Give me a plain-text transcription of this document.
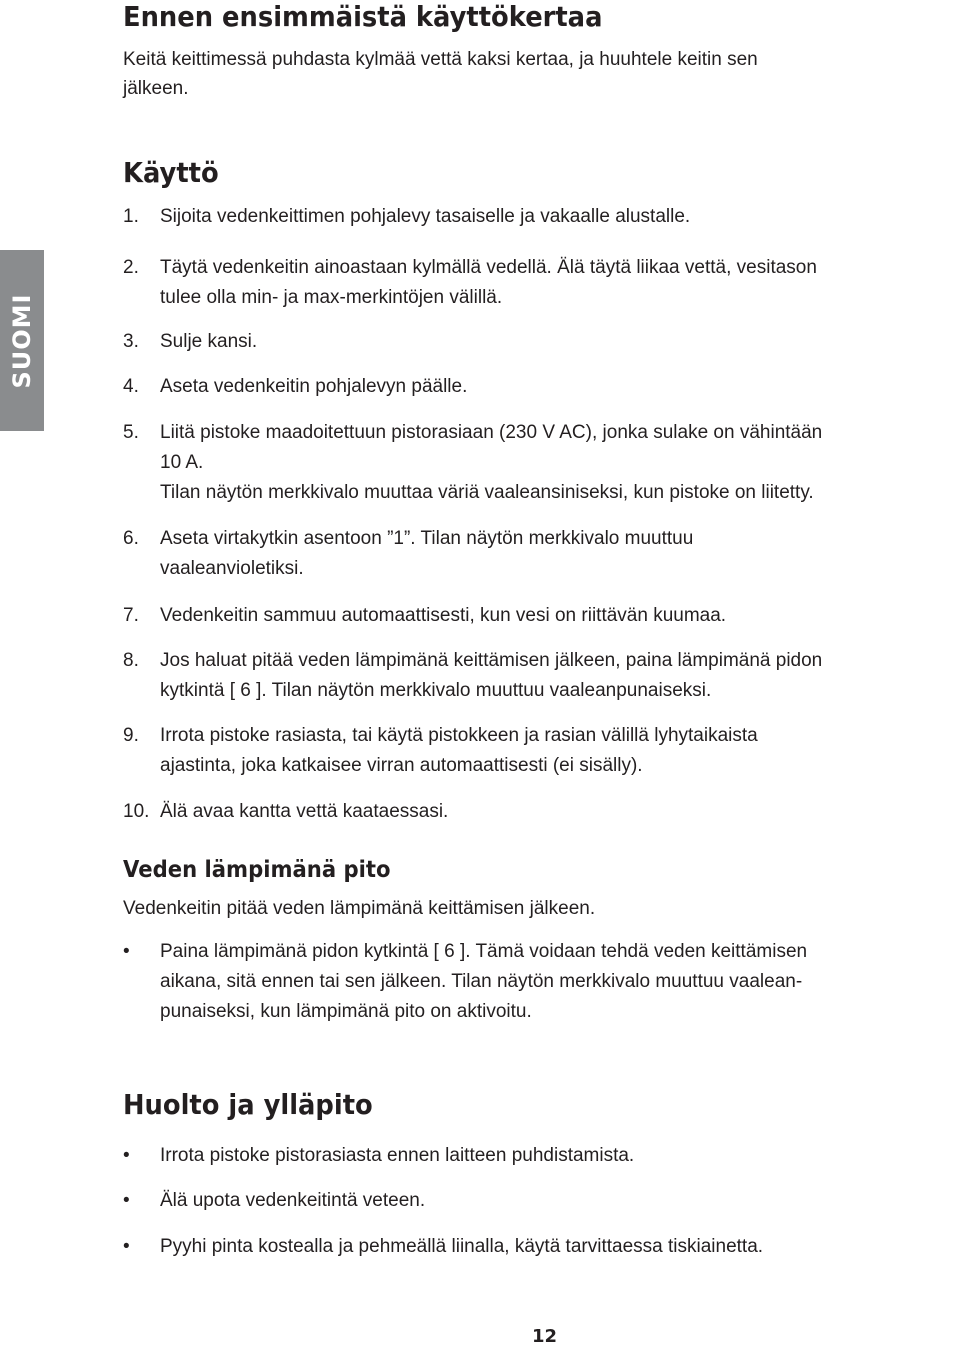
SUOMI
Ennen ensimmäistä käyttökertaa
Keitä keittimessä puhdasta kylmää vettä kaksi kertaa, ja huuhtele keitin sen
jälkeen.
Käyttö
1. Sijoita vedenkeittimen pohjalevy tasaiselle ja vakaalle alustalle.
2. Täytä vedenkeitin ainoastaan kylmällä vedellä. Älä täytä liikaa vettä, vesitason
tulee olla min- ja max-merkintöjen välillä.
3. Sulje kansi.
4. Aseta vedenkeitin pohjalevyn päälle.
5. Liitä pistoke maadoitettuun pistorasiaan (230 V AC), jonka sulake on vähintään
10 A.
Tilan näytön merkkivalo muuttaa väriä vaaleansiniseksi, kun pistoke on liitetty.
6. Aseta virtakytkin asentoon ”1”. Tilan näytön merkkivalo muuttuu
vaaleanvioletiksi.
7. Vedenkeitin sammuu automaattisesti, kun vesi on riittävän kuumaa.
8. Jos haluat pitää veden lämpimänä keittämisen jälkeen, paina lämpimänä pidon
kytkintä [ 6 ]. Tilan näytön merkkivalo muuttuu vaaleanpunaiseksi.
9. Irrota pistoke rasiasta, tai käytä pistokkeen ja rasian välillä lyhytaikaista
ajastinta, joka katkaisee virran automaattisesti (ei sisälly).
10. Älä avaa kantta vettä kaataessasi.
Veden lämpimänä pito
Vedenkeitin pitää veden lämpimänä keittämisen jälkeen.
• Paina lämpimänä pidon kytkintä [ 6 ]. Tämä voidaan tehdä veden keittämisen
aikana, sitä ennen tai sen jälkeen. Tilan näytön merkkivalo muuttuu vaalean-
punaiseksi, kun lämpimänä pito on aktivoitu.
Huolto ja ylläpito
• Irrota pistoke pistorasiasta ennen laitteen puhdistamista.
• Älä upota vedenkeitintä veteen.
• Pyyhi pinta kostealla ja pehmeällä liinalla, käytä tarvittaessa tiskiainetta.
12
